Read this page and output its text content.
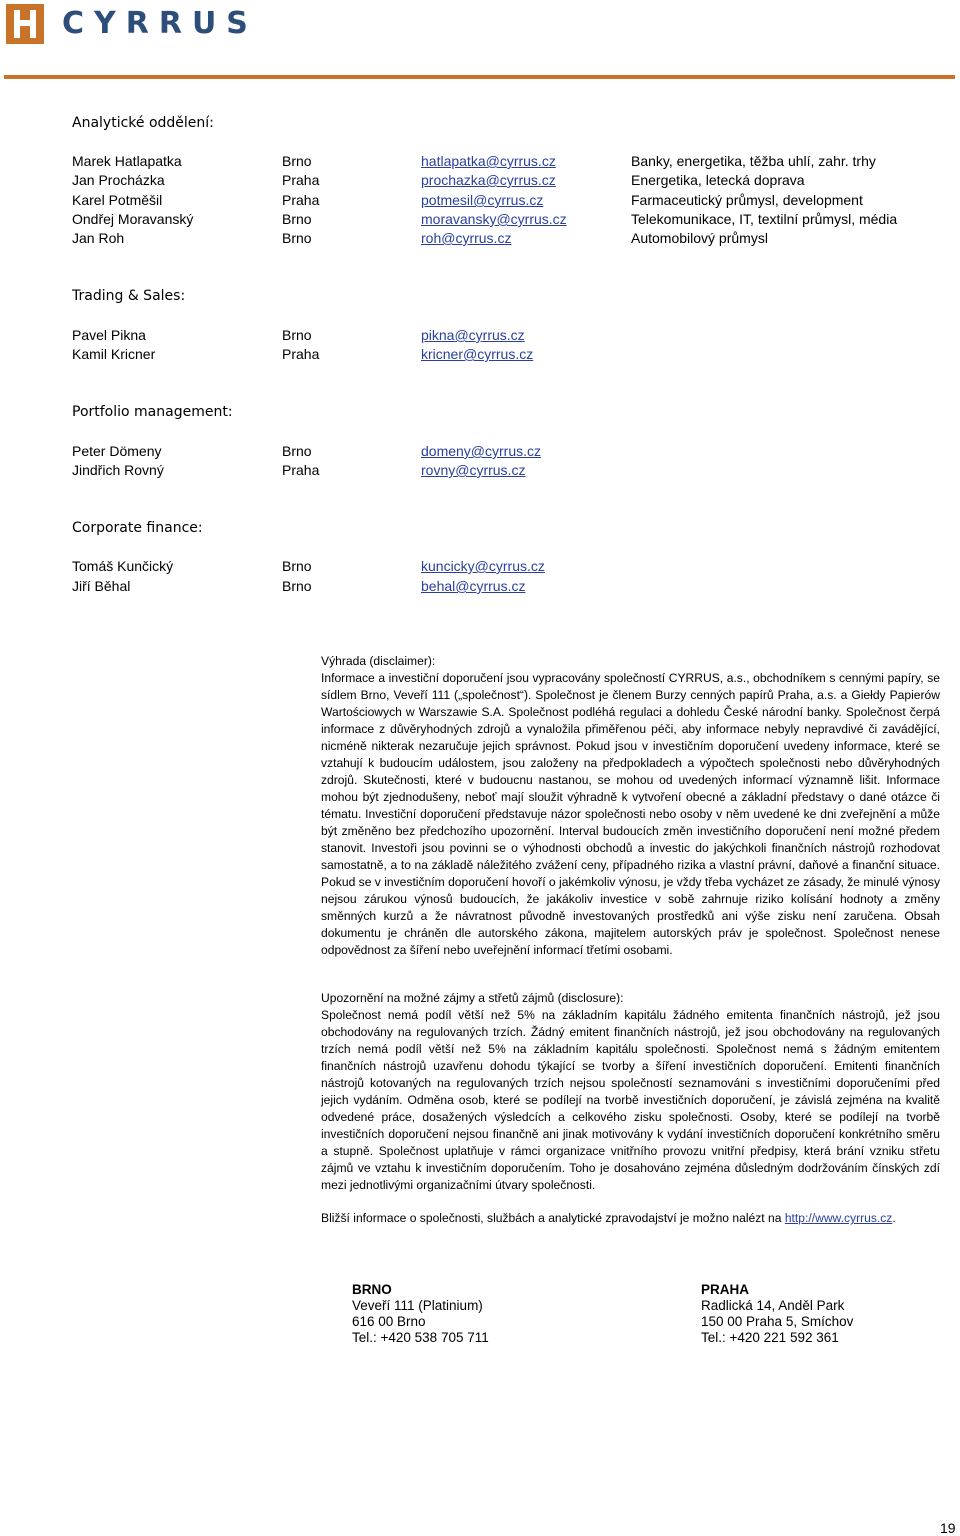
CYRRUS
Analytické oddělení:
Marek Hatlapatka	Brno	hatlapatka@cyrrus.cz	Banky, energetika, těžba uhlí, zahr. trhy
Jan Procházka	Praha	prochazka@cyrrus.cz	Energetika, letecká doprava
Karel Potměšil	Praha	potmesil@cyrrus.cz	Farmaceutický průmysl, development
Ondřej Moravanský	Brno	moravansky@cyrrus.cz	Telekomunikace, IT, textilní průmysl, média
Jan Roh	Brno	roh@cyrrus.cz	Automobilový průmysl
Trading & Sales:
Pavel Pikna	Brno	pikna@cyrrus.cz
Kamil Kricner	Praha	kricner@cyrrus.cz
Portfolio management:
Peter Dömeny	Brno	domeny@cyrrus.cz
Jindřich Rovný	Praha	rovny@cyrrus.cz
Corporate finance:
Tomáš Kunčický	Brno	kuncicky@cyrrus.cz
Jiří Běhal	Brno	behal@cyrrus.cz

Výhrada (disclaimer):

Informace a investiční doporučení jsou vypracovány společností CYRRUS, a.s., obchodníkem s cennými papíry, se sídlem Brno, Veveří 111 („společnost“). Společnost je členem Burzy cenných papírů Praha, a.s. a Giełdy Papierów Wartościowych w Warszawie S.A. Společnost podléhá regulaci a dohledu České národní banky. Společnost čerpá informace z důvěryhodných zdrojů a vynaložila přiměřenou péči, aby informace nebyly nepravdivé či zavádějící, nicméně nikterak nezaručuje jejich správnost. Pokud jsou v investičním doporučení uvedeny informace, které se vztahují k budoucím událostem, jsou založeny na předpokladech a výpočtech společnosti nebo důvěryhodných zdrojů. Skutečnosti, které v budoucnu nastanou, se mohou od uvedených informací významně lišit. Informace mohou být zjednodušeny, neboť mají sloužit výhradně k vytvoření obecné a základní představy o dané otázce či tématu. Investiční doporučení představuje názor společnosti nebo osoby v něm uvedené ke dni zveřejnění a může být změněno bez předchozího upozornění. Interval budoucích změn investičního doporučení není možné předem stanovit. Investoři jsou povinni se o výhodnosti obchodů a investic do jakýchkoli finančních nástrojů rozhodovat samostatně, a to na základě náležitého zvážení ceny, případného rizika a vlastní právní, daňové a finanční situace. Pokud se v investičním doporučení hovoří o jakémkoliv výnosu, je vždy třeba vycházet ze zásady, že minulé výnosy nejsou zárukou výnosů budoucích, že jakákoliv investice v sobě zahrnuje riziko kolísání hodnoty a změny směnných kurzů a že návratnost původně investovaných prostředků ani výše zisku není zaručena. Obsah dokumentu je chráněn dle autorského zákona, majitelem autorských práv je společnost. Společnost nenese odpovědnost za šíření nebo uveřejnění informací třetími osobami.

Upozornění na možné zájmy a střetů zájmů (disclosure):

Společnost nemá podíl větší než 5% na základním kapitálu žádného emitenta finančních nástrojů, jež jsou obchodovány na regulovaných trzích. Žádný emitent finančních nástrojů, jež jsou obchodovány na regulovaných trzích nemá podíl větší než 5% na základním kapitálu společnosti. Společnost nemá s žádným emitentem finančních nástrojů uzavřenu dohodu týkající se tvorby a šíření investičních doporučení. Emitenti finančních nástrojů kotovaných na regulovaných trzích nejsou společností seznamováni s investičními doporučeními před jejich vydáním. Odměna osob, které se podílejí na tvorbě investičních doporučení, je závislá zejména na kvalitě odvedené práce, dosažených výsledcích a celkového zisku společnosti. Osoby, které se podílejí na tvorbě investičních doporučení nejsou finančně ani jinak motivovány k vydání investičních doporučení konkrétního směru a stupně. Společnost uplatňuje v rámci organizace vnitřního provozu vnitřní předpisy, která brání vzniku střetu zájmů ve vztahu k investičním doporučením. Toho je dosahováno zejména důsledným dodržováním čínských zdí mezi jednotlivými organizačními útvary společnosti.

Bližší informace o společnosti, službách a analytické zpravodajství je možno nalézt na http://www.cyrrus.cz.

BRNO
Veveří 111 (Platinium)
616 00 Brno
Tel.: +420 538 705 711
PRAHA
Radlická 14, Anděl Park
150 00 Praha 5, Smíchov
Tel.: +420 221 592 361
19
